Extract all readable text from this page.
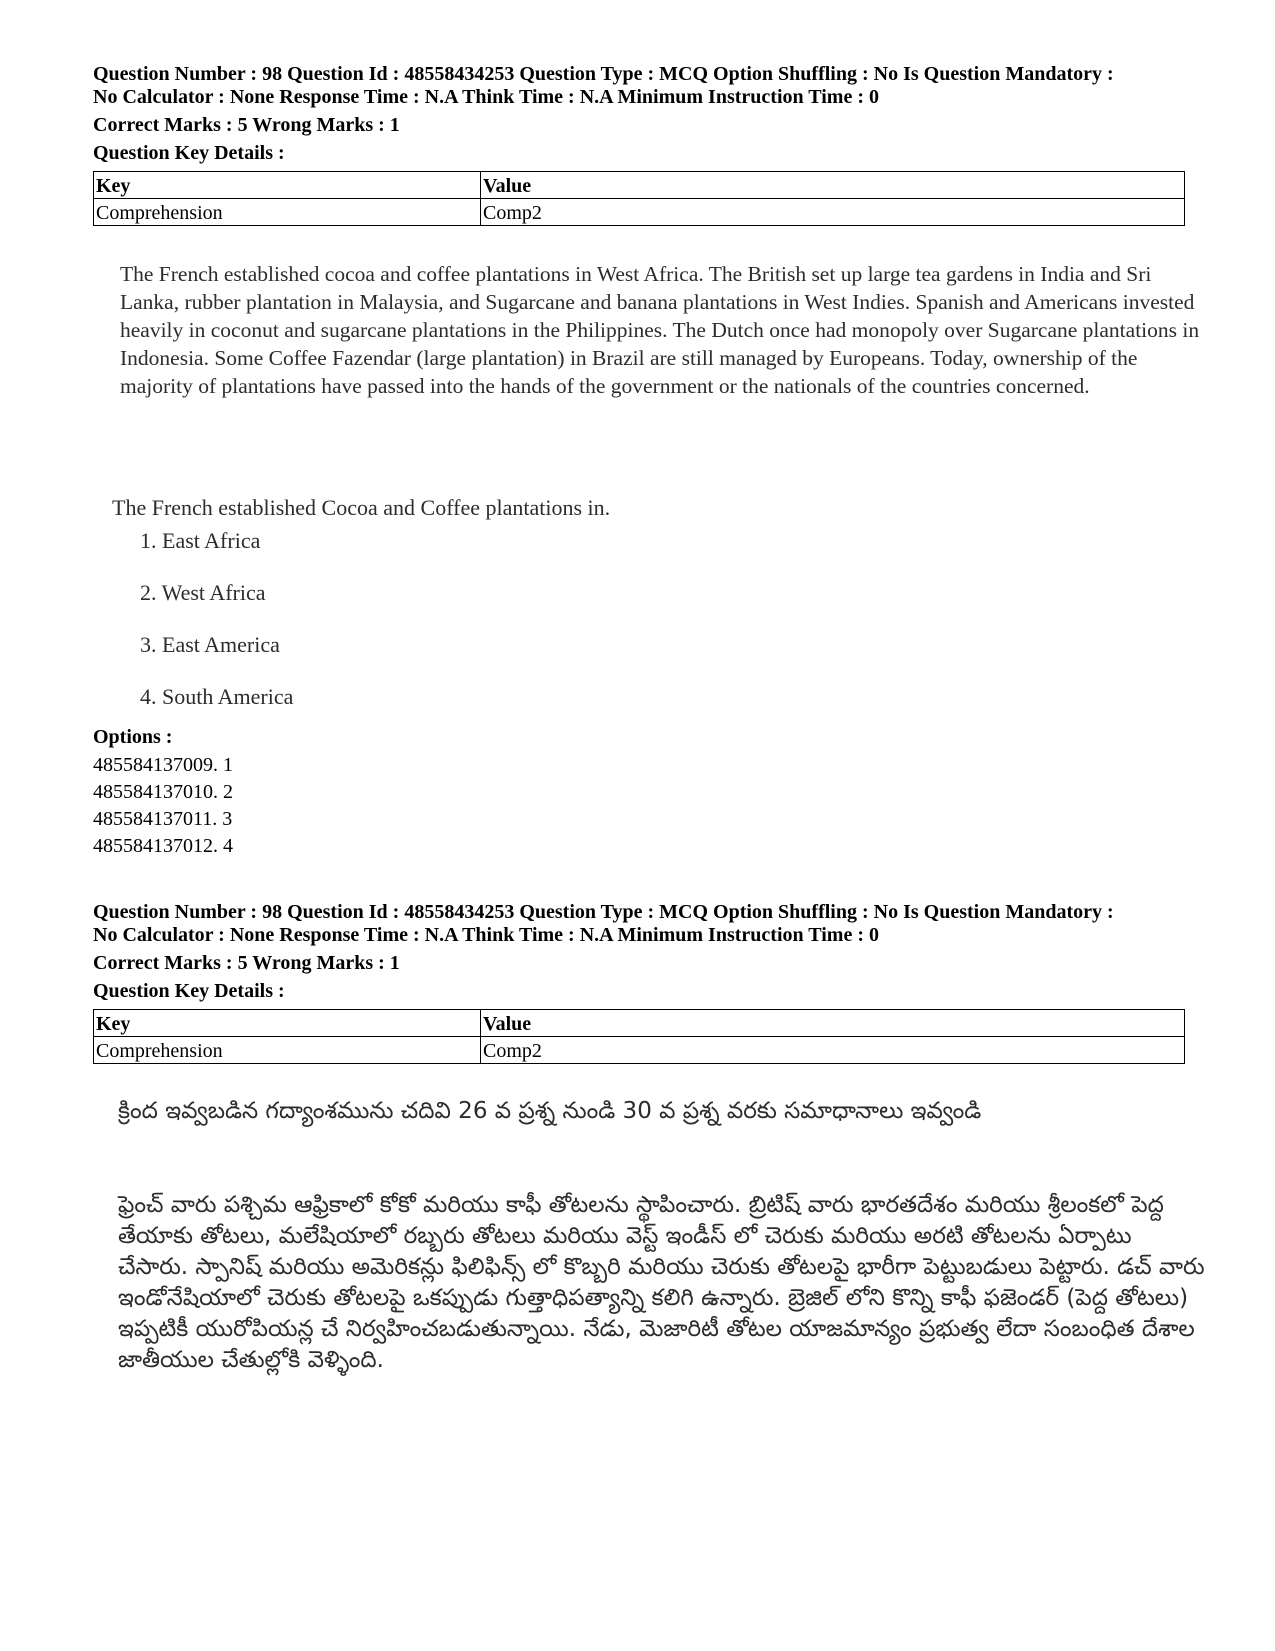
Question Number : 98 Question Id : 48558434253 Question Type : MCQ Option Shuffling : No Is Question Mandatory :
No Calculator : None Response Time : N.A Think Time : N.A Minimum Instruction Time : 0
Correct Marks : 5 Wrong Marks : 1
Question Key Details :
Key	Value
Comprehension	Comp2
The French established cocoa and coffee plantations in West Africa. The British set up large tea gardens in India and Sri Lanka, rubber plantation in Malaysia, and Sugarcane and banana plantations in West Indies. Spanish and Americans invested heavily in coconut and sugarcane plantations in the Philippines. The Dutch once had monopoly over Sugarcane plantations in Indonesia. Some Coffee Fazendar (large plantation) in Brazil are still managed by Europeans. Today, ownership of the majority of plantations have passed into the hands of the government or the nationals of the countries concerned.
The French established Cocoa and Coffee plantations in.
1. East Africa
2. West Africa
3. East America
4. South America
Options :
485584137009. 1
485584137010. 2
485584137011. 3
485584137012. 4
Question Number : 98 Question Id : 48558434253 Question Type : MCQ Option Shuffling : No Is Question Mandatory :
No Calculator : None Response Time : N.A Think Time : N.A Minimum Instruction Time : 0
Correct Marks : 5 Wrong Marks : 1
Question Key Details :
Key	Value
Comprehension	Comp2
క్రింద ఇవ్వబడిన గద్యాంశమును చదివి 26 వ ప్రశ్న నుండి 30 వ ప్రశ్న వరకు సమాధానాలు ఇవ్వండి
ఫ్రెంచ్ వారు పశ్చిమ ఆఫ్రికాలో కోకో మరియు కాఫీ తోటలను స్థాపించారు. బ్రిటిష్ వారు భారతదేశం మరియు శ్రీలంకలో పెద్ద తేయాకు తోటలు, మలేషియాలో రబ్బరు తోటలు మరియు వెస్ట్ ఇండీస్ లో చెరుకు మరియు అరటి తోటలను ఏర్పాటు చేసారు. స్పానిష్ మరియు అమెరికన్లు ఫిలిఫిన్స్ లో కొబ్బరి మరియు చెరుకు తోటలపై భారీగా పెట్టుబడులు పెట్టారు. డచ్ వారు ఇండోనేషియాలో చెరుకు తోటలపై ఒకప్పుడు గుత్తాధిపత్యాన్ని కలిగి ఉన్నారు. బ్రెజిల్ లోని కొన్ని కాఫీ ఫజెండర్ (పెద్ద తోటలు) ఇప్పటికీ యురోపియన్ల చే నిర్వహించబడుతున్నాయి. నేడు, మెజారిటీ తోటల యాజమాన్యం ప్రభుత్వ లేదా సంబంధిత దేశాల జాతీయుల చేతుల్లోకి వెళ్ళింది.
